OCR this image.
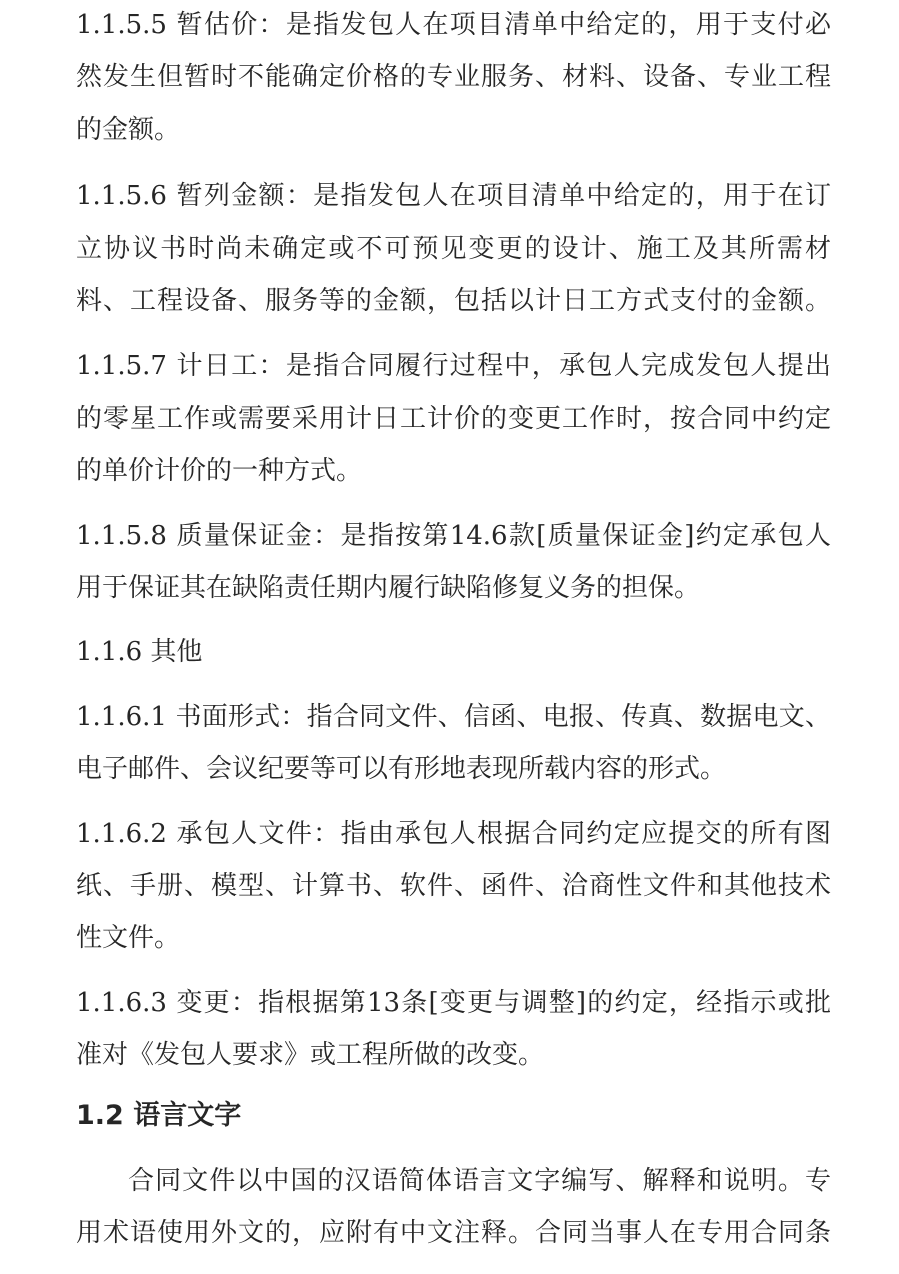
1.1.5.5 暂估价：是指发包人在项目清单中给定的，用于支付必
然发生但暂时不能确定价格的专业服务、材料、设备、专业工程
的金额。
1.1.5.6 暂列金额：是指发包人在项目清单中给定的，用于在订
立协议书时尚未确定或不可预见变更的设计、施工及其所需材
料、工程设备、服务等的金额，包括以计日工方式支付的金额。
1.1.5.7 计日工：是指合同履行过程中，承包人完成发包人提出
的零星工作或需要采用计日工计价的变更工作时，按合同中约定
的单价计价的一种方式。
1.1.5.8 质量保证金：是指按第14.6款[质量保证金]约定承包人
用于保证其在缺陷责任期内履行缺陷修复义务的担保。
1.1.6 其他
1.1.6.1 书面形式：指合同文件、信函、电报、传真、数据电文、
电子邮件、会议纪要等可以有形地表现所载内容的形式。
1.1.6.2 承包人文件：指由承包人根据合同约定应提交的所有图
纸、手册、模型、计算书、软件、函件、洽商性文件和其他技术
性文件。
1.1.6.3 变更：指根据第13条[变更与调整]的约定，经指示或批
准对《发包人要求》或工程所做的改变。
1.2 语言文字
合同文件以中国的汉语简体语言文字编写、解释和说明。专
用术语使用外文的，应附有中文注释。合同当事人在专用合同条
